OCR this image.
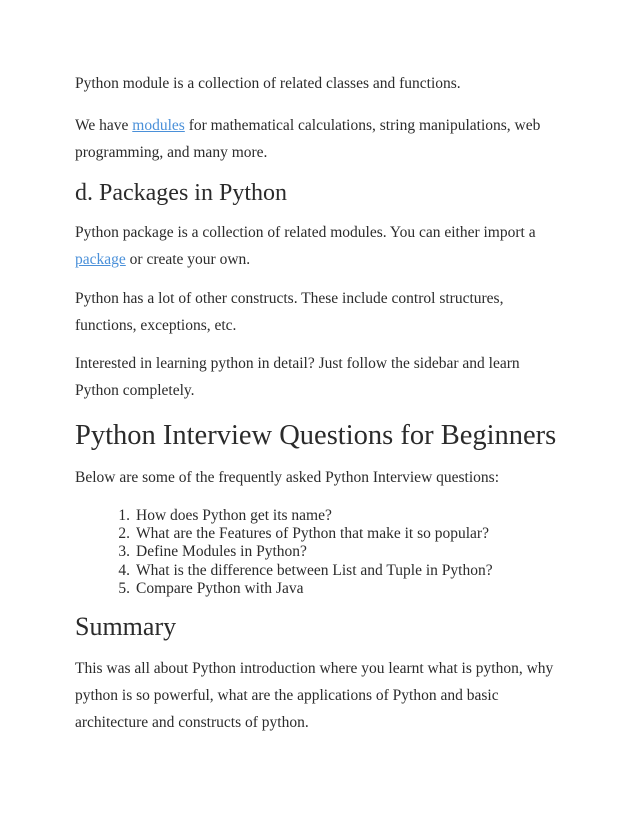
Python module is a collection of related classes and functions.

We have modules for mathematical calculations, string manipulations, web
programming, and many more.

d. Packages in Python

Python package is a collection of related modules. You can either import a
package or create your own.

Python has a lot of other constructs. These include control structures,
functions, exceptions, etc.

Interested in learning python in detail? Just follow the sidebar and learn
Python completely.

Python Interview Questions for Beginners

Below are some of the frequently asked Python Interview questions:

1. How does Python get its name?
2. What are the Features of Python that make it so popular?
3. Define Modules in Python?
4. What is the difference between List and Tuple in Python?
5. Compare Python with Java
Summary

This was all about Python introduction where you learnt what is python, why
python is so powerful, what are the applications of Python and basic
architecture and constructs of python.
